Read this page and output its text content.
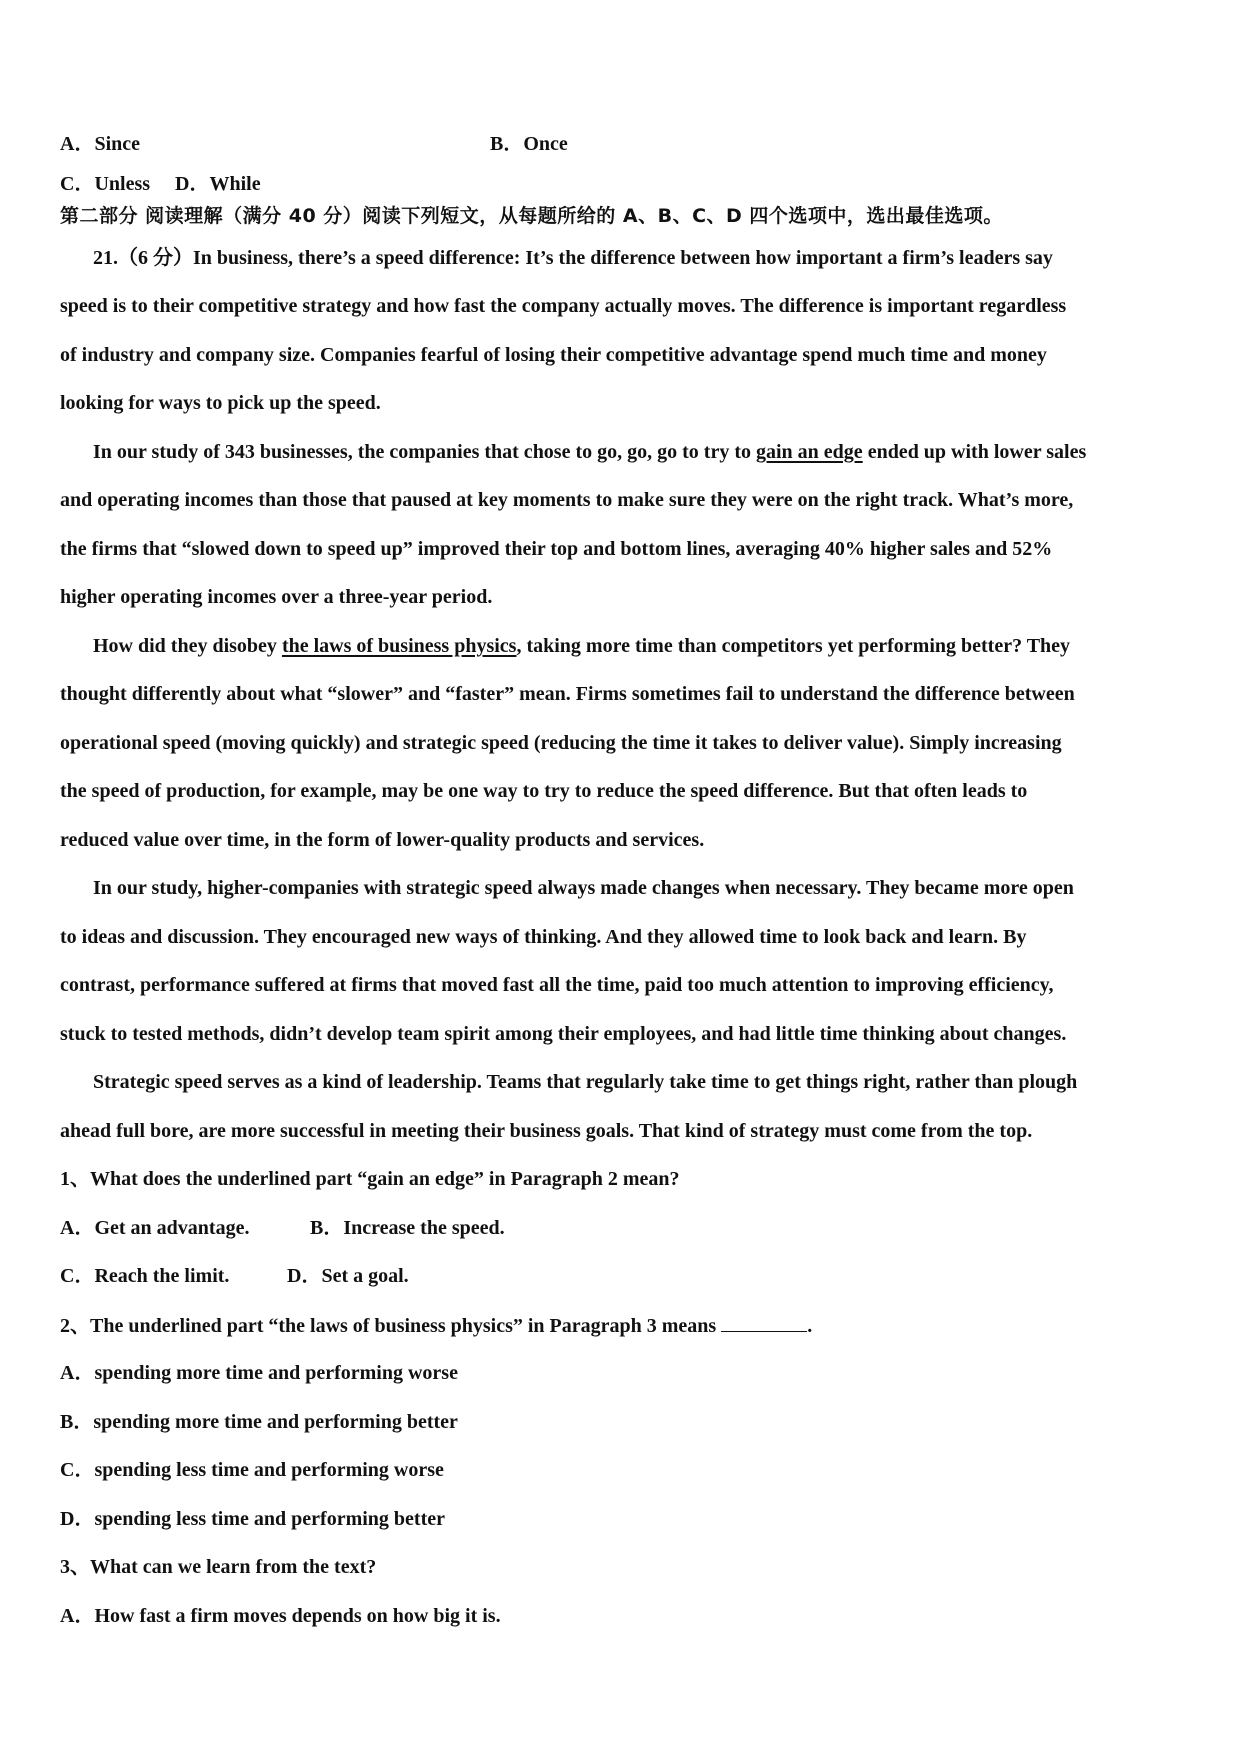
A．Since	B．Once
C．Unless　 D．While
第二部分 阅读理解（满分 40 分）阅读下列短文，从每题所给的 A、B、C、D 四个选项中，选出最佳选项。
21.（6 分）In business, there’s a speed difference: It’s the difference between how important a firm’s leaders say
speed is to their competitive strategy and how fast the company actually moves. The difference is important regardless
of industry and company size. Companies fearful of losing their competitive advantage spend much time and money
looking for ways to pick up the speed.
In our study of 343 businesses, the companies that chose to go, go, go to try to gain an edge ended up with lower sales
and operating incomes than those that paused at key moments to make sure they were on the right track. What’s more,
the firms that “slowed down to speed up” improved their top and bottom lines, averaging 40% higher sales and 52%
higher operating incomes over a three-year period.
How did they disobey the laws of business physics, taking more time than competitors yet performing better? They
thought differently about what “slower” and “faster” mean. Firms sometimes fail to understand the difference between
operational speed (moving quickly) and strategic speed (reducing the time it takes to deliver value). Simply increasing
the speed of production, for example, may be one way to try to reduce the speed difference. But that often leads to
reduced value over time, in the form of lower-quality products and services.
In our study, higher-companies with strategic speed always made changes when necessary. They became more open
to ideas and discussion. They encouraged new ways of thinking. And they allowed time to look back and learn. By
contrast, performance suffered at firms that moved fast all the time, paid too much attention to improving efficiency,
stuck to tested methods, didn’t develop team spirit among their employees, and had little time thinking about changes.
Strategic speed serves as a kind of leadership. Teams that regularly take time to get things right, rather than plough
ahead full bore, are more successful in meeting their business goals. That kind of strategy must come from the top.
1、What does the underlined part “gain an edge” in Paragraph 2 mean?
A．Get an advantage.	B．Increase the speed.
C．Reach the limit.	D．Set a goal.
2、The underlined part “the laws of business physics” in Paragraph 3 means	.
A．spending more time and performing worse
B．spending more time and performing better
C．spending less time and performing worse
D．spending less time and performing better
3、What can we learn from the text?
A．How fast a firm moves depends on how big it is.
